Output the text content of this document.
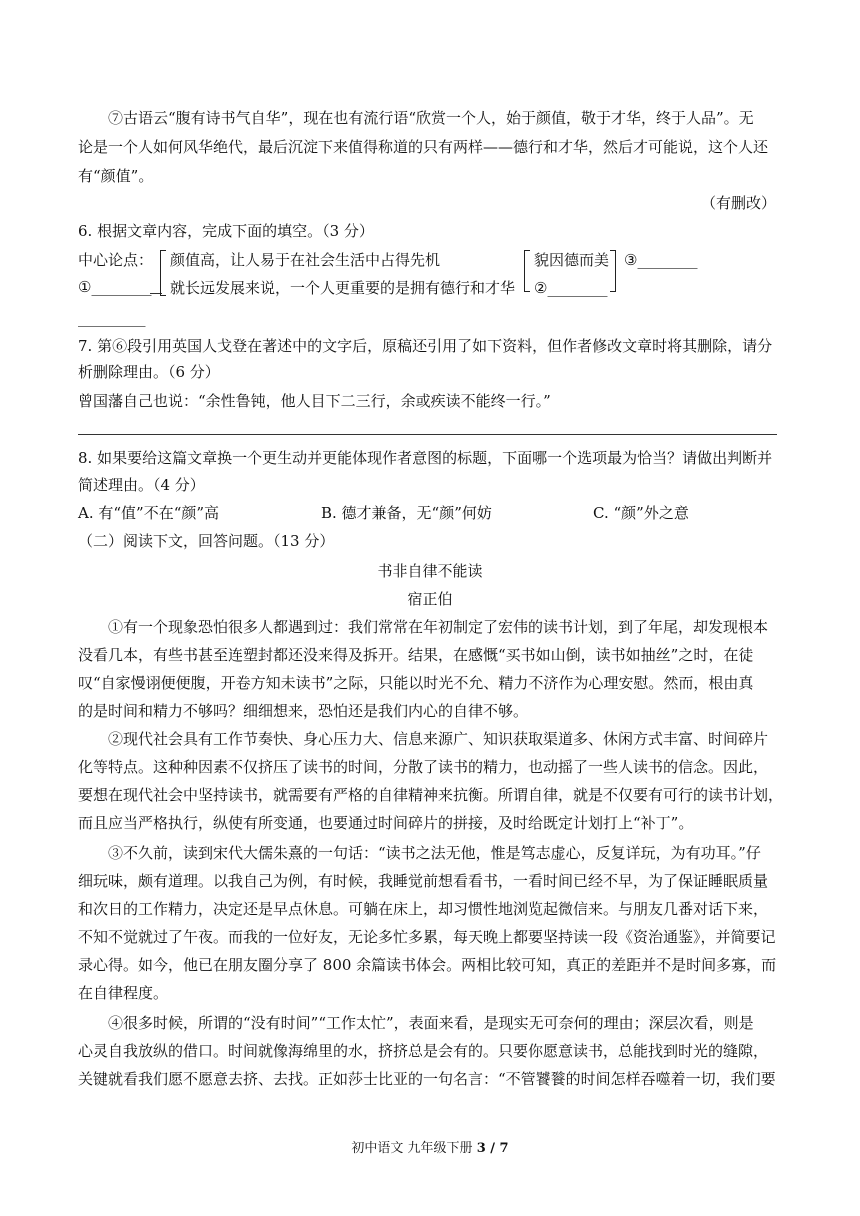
⑦古语云“腹有诗书气自华”，现在也有流行语“欣赏一个人，始于颜值，敬于才华，终于人品”。无
论是一个人如何风华绝代，最后沉淀下来值得称道的只有两样——德行和才华，然后才可能说，这个人还
有“颜值”。
（有删改）
6. 根据文章内容，完成下面的填空。（3 分）
中心论点：
①________
_________
颜值高，让人易于在社会生活中占得先机
就长远发展来说，一个人更重要的是拥有德行和才华
貌因德而美
②________
③________
7. 第⑥段引用英国人戈登在著述中的文字后，原稿还引用了如下资料，但作者修改文章时将其删除，请分
析删除理由。（6 分）
曾国藩自己也说：“余性鲁钝，他人目下二三行，余或疾读不能终一行。”
8. 如果要给这篇文章换一个更生动并更能体现作者意图的标题，下面哪一个选项最为恰当？请做出判断并
简述理由。（4 分）
A. 有“值”不在“颜”高	B. 德才兼备，无“颜”何妨	C. “颜”外之意
（二）阅读下文，回答问题。（13 分）
书非自律不能读
宿正伯
①有一个现象恐怕很多人都遇到过：我们常常在年初制定了宏伟的读书计划，到了年尾，却发现根本
没看几本，有些书甚至连塑封都还没来得及拆开。结果，在感慨“买书如山倒，读书如抽丝”之时，在徒
叹“自家慢诩便便腹，开卷方知未读书”之际，只能以时光不允、精力不济作为心理安慰。然而，根由真
的是时间和精力不够吗？细细想来，恐怕还是我们内心的自律不够。
②现代社会具有工作节奏快、身心压力大、信息来源广、知识获取渠道多、休闲方式丰富、时间碎片
化等特点。这种种因素不仅挤压了读书的时间，分散了读书的精力，也动摇了一些人读书的信念。因此，
要想在现代社会中坚持读书，就需要有严格的自律精神来抗衡。所谓自律，就是不仅要有可行的读书计划，
而且应当严格执行，纵使有所变通，也要通过时间碎片的拼接，及时给既定计划打上“补丁”。
③不久前，读到宋代大儒朱熹的一句话：“读书之法无他，惟是笃志虚心，反复详玩，为有功耳。”仔
细玩味，颇有道理。以我自己为例，有时候，我睡觉前想看看书，一看时间已经不早，为了保证睡眠质量
和次日的工作精力，决定还是早点休息。可躺在床上，却习惯性地浏览起微信来。与朋友几番对话下来，
不知不觉就过了午夜。而我的一位好友，无论多忙多累，每天晚上都要坚持读一段《资治通鉴》，并简要记
录心得。如今，他已在朋友圈分享了 800 余篇读书体会。两相比较可知，真正的差距并不是时间多寡，而
在自律程度。
④很多时候，所谓的“没有时间”“工作太忙”，表面来看，是现实无可奈何的理由；深层次看，则是
心灵自我放纵的借口。时间就像海绵里的水，挤挤总是会有的。只要你愿意读书，总能找到时光的缝隙，
关键就看我们愿不愿意去挤、去找。正如莎士比亚的一句名言：“不管饕餮的时间怎样吞噬着一切，我们要
初中语文 九年级下册 3 / 7
